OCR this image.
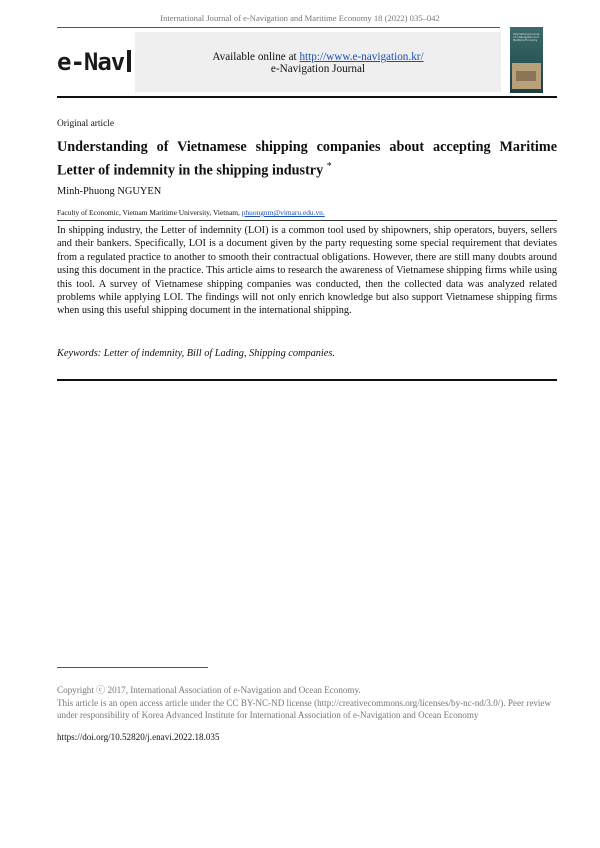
International Journal of e-Navigation and Maritime Economy 18 (2022) 035–042
e-Nav	Available online at http://www.e-navigation.kr/
e-Navigation Journal
International Journal of e-Navigation and Maritime Economy
Original article
Understanding of Vietnamese shipping companies about accepting Maritime Letter of indemnity in the shipping industry *
Minh-Phuong NGUYEN
Faculty of Economic, Vietnam Maritime University, Vietnam, phuongnm@vimaru.edu.vn.
In shipping industry, the Letter of indemnity (LOI) is a common tool used by shipowners, ship operators, buyers, sellers and their bankers. Specifically, LOI is a document given by the party requesting some special requirement that deviates from a regulated practice to another to smooth their contractual obligations. However, there are still many doubts around using this document in the practice. This article aims to research the awareness of Vietnamese shipping firms while using this tool. A survey of Vietnamese shipping companies was conducted, then the collected data was analyzed related problems while applying LOI. The findings will not only enrich knowledge but also support Vietnamese shipping firms when using this useful shipping document in the international shipping.
Keywords: Letter of indemnity, Bill of Lading, Shipping companies.
Copyright ⓒ 2017, International Association of e-Navigation and Ocean Economy.
This article is an open access article under the CC BY-NC-ND license (http://creativecommons.org/licenses/by-nc-nd/3.0/). Peer review under responsibility of Korea Advanced Institute for International Association of e-Navigation and Ocean Economy
https://doi.org/10.52820/j.enavi.2022.18.035
